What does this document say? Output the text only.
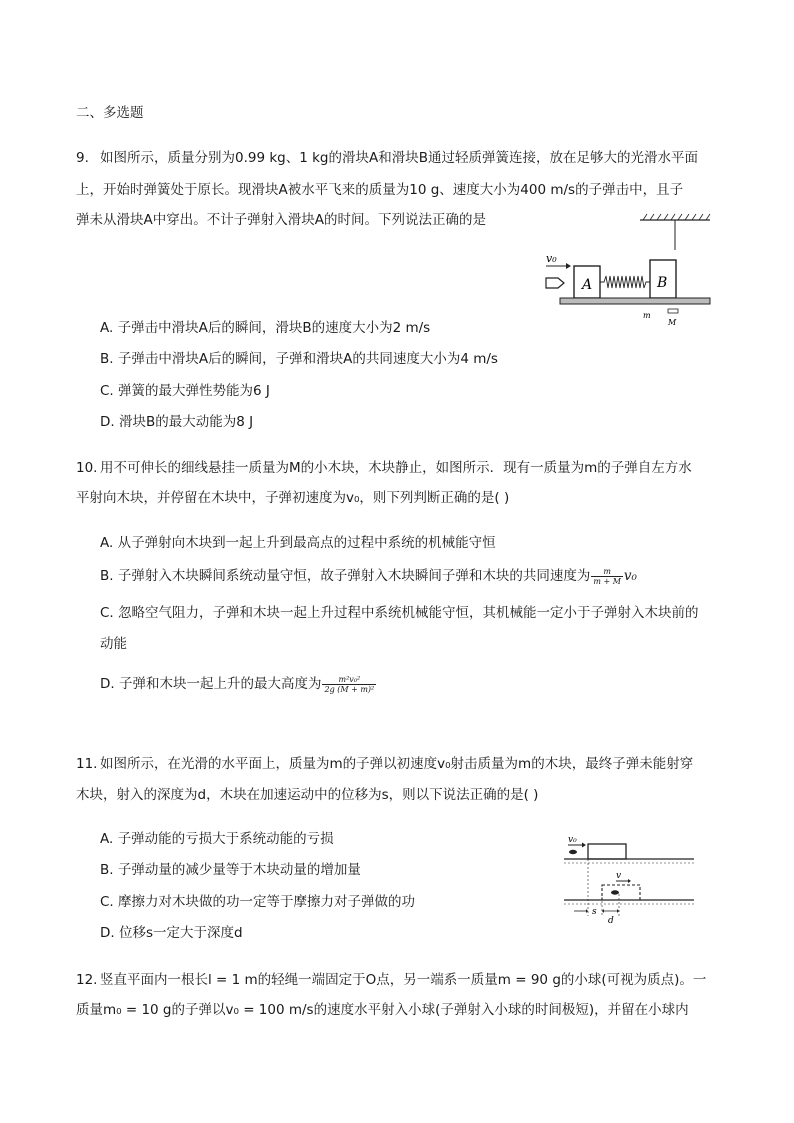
二、多选题
9. 如图所示，质量分别为0.99 kg、1 kg的滑块A和滑块B通过轻质弹簧连接，放在足够大的光滑水平面
上，开始时弹簧处于原长。现滑块A被水平飞来的质量为10 g、速度大小为400 m/s的子弹击中，且子
弹未从滑块A中穿出。不计子弹射入滑块A的时间。下列说法正确的是
A. 子弹击中滑块A后的瞬间，滑块B的速度大小为2 m/s
B. 子弹击中滑块A后的瞬间，子弹和滑块A的共同速度大小为4 m/s
C. 弹簧的最大弹性势能为6 J
D. 滑块B的最大动能为8 J
v₀
A	B
m
M
10. 用不可伸长的细线悬挂一质量为M的小木块，木块静止，如图所示．现有一质量为m的子弹自左方水
平射向木块，并停留在木块中，子弹初速度为v₀，则下列判断正确的是( )
A. 从子弹射向木块到一起上升到最高点的过程中系统的机械能守恒
B. 子弹射入木块瞬间系统动量守恒，故子弹射入木块瞬间子弹和木块的共同速度为 $\frac{m}{m + M} v_0$
C. 忽略空气阻力，子弹和木块一起上升过程中系统机械能守恒，其机械能一定小于子弹射入木块前的
动能
D. 子弹和木块一起上升的最大高度为 $\frac{\text{m²v₀²}}{\text{2g (M + m)²}}$
11. 如图所示，在光滑的水平面上，质量为m的子弹以初速度v₀射击质量为m的木块，最终子弹未能射穿
木块，射入的深度为d，木块在加速运动中的位移为s，则以下说法正确的是( )
A. 子弹动能的亏损大于系统动能的亏损
B. 子弹动量的减少量等于木块动量的增加量
C. 摩擦力对木块做的功一定等于摩擦力对子弹做的功
D. 位移s一定大于深度d
v₀
v
s
d
12. 竖直平面内一根长l = 1 m的轻绳一端固定于O点，另一端系一质量m = 90 g的小球(可视为质点)。一
质量m₀ = 10 g的子弹以v₀ = 100 m/s的速度水平射入小球(子弹射入小球的时间极短)，并留在小球内
